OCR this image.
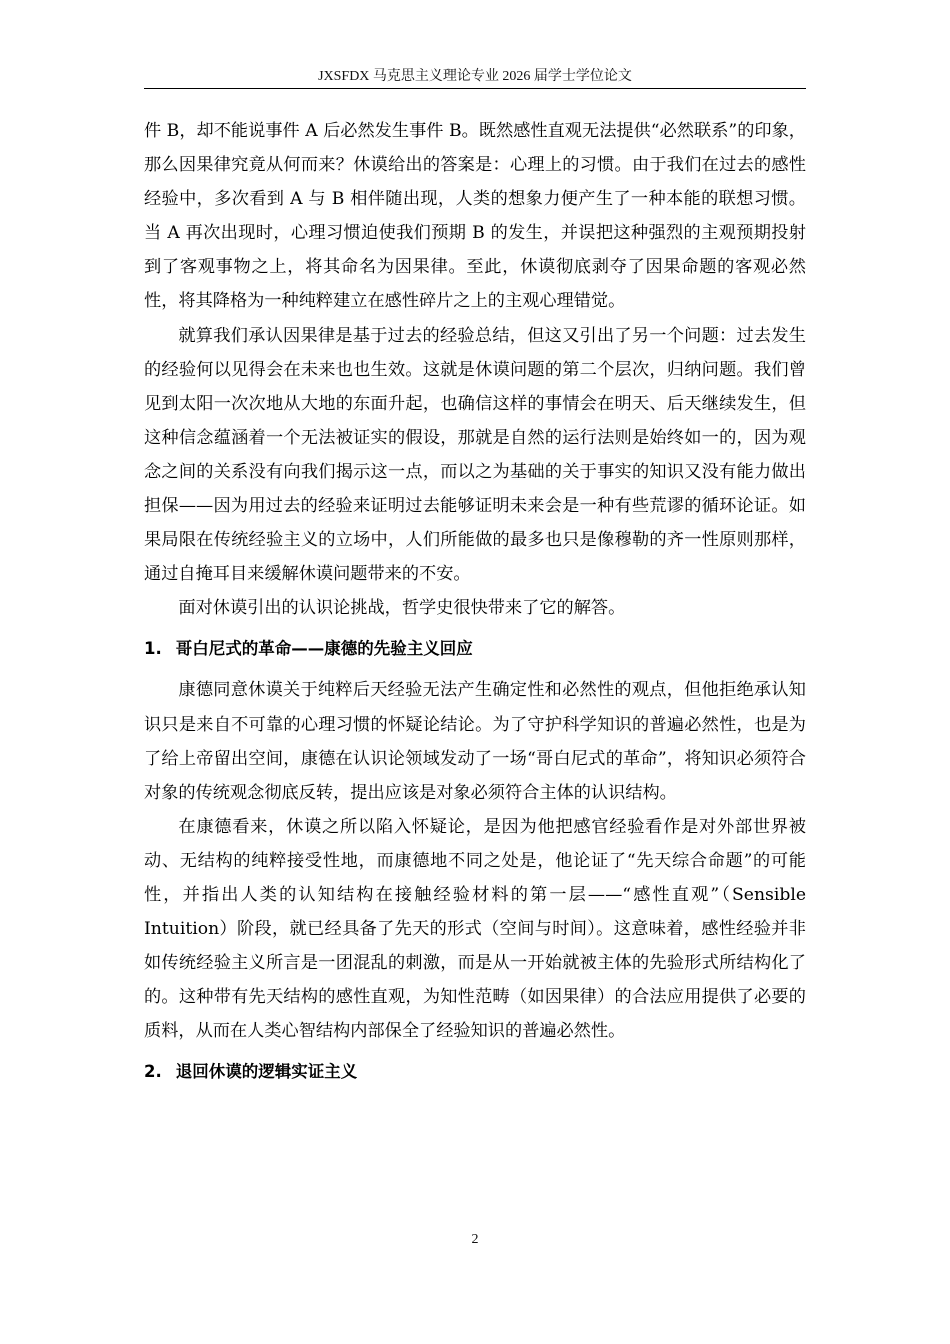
JXSFDX 马克思主义理论专业 2026 届学士学位论文

件 B，却不能说事件 A 后必然发生事件 B。既然感性直观无法提供“必然联系”的印象，那么因果律究竟从何而来？休谟给出的答案是：心理上的习惯。由于我们在过去的感性经验中，多次看到 A 与 B 相伴随出现，人类的想象力便产生了一种本能的联想习惯。当 A 再次出现时，心理习惯迫使我们预期 B 的发生，并误把这种强烈的主观预期投射到了客观事物之上，将其命名为因果律。至此，休谟彻底剥夺了因果命题的客观必然性，将其降格为一种纯粹建立在感性碎片之上的主观心理错觉。

就算我们承认因果律是基于过去的经验总结，但这又引出了另一个问题：过去发生的经验何以见得会在未来也也生效。这就是休谟问题的第二个层次，归纳问题。我们曾见到太阳一次次地从大地的东面升起，也确信这样的事情会在明天、后天继续发生，但这种信念蕴涵着一个无法被证实的假设，那就是自然的运行法则是始终如一的，因为观念之间的关系没有向我们揭示这一点，而以之为基础的关于事实的知识又没有能力做出担保——因为用过去的经验来证明过去能够证明未来会是一种有些荒谬的循环论证。如果局限在传统经验主义的立场中，人们所能做的最多也只是像穆勒的齐一性原则那样，通过自掩耳目来缓解休谟问题带来的不安。

面对休谟引出的认识论挑战，哲学史很快带来了它的解答。

1. 哥白尼式的革命——康德的先验主义回应

康德同意休谟关于纯粹后天经验无法产生确定性和必然性的观点，但他拒绝承认知识只是来自不可靠的心理习惯的怀疑论结论。为了守护科学知识的普遍必然性，也是为了给上帝留出空间，康德在认识论领域发动了一场“哥白尼式的革命”，将知识必须符合对象的传统观念彻底反转，提出应该是对象必须符合主体的认识结构。

在康德看来，休谟之所以陷入怀疑论，是因为他把感官经验看作是对外部世界被动、无结构的纯粹接受性地，而康德地不同之处是，他论证了“先天综合命题”的可能性，并指出人类的认知结构在接触经验材料的第一层——“感性直观”（Sensible Intuition）阶段，就已经具备了先天的形式（空间与时间）。这意味着，感性经验并非如传统经验主义所言是一团混乱的刺激，而是从一开始就被主体的先验形式所结构化了的。这种带有先天结构的感性直观，为知性范畴（如因果律）的合法应用提供了必要的质料，从而在人类心智结构内部保全了经验知识的普遍必然性。

2. 退回休谟的逻辑实证主义
2
